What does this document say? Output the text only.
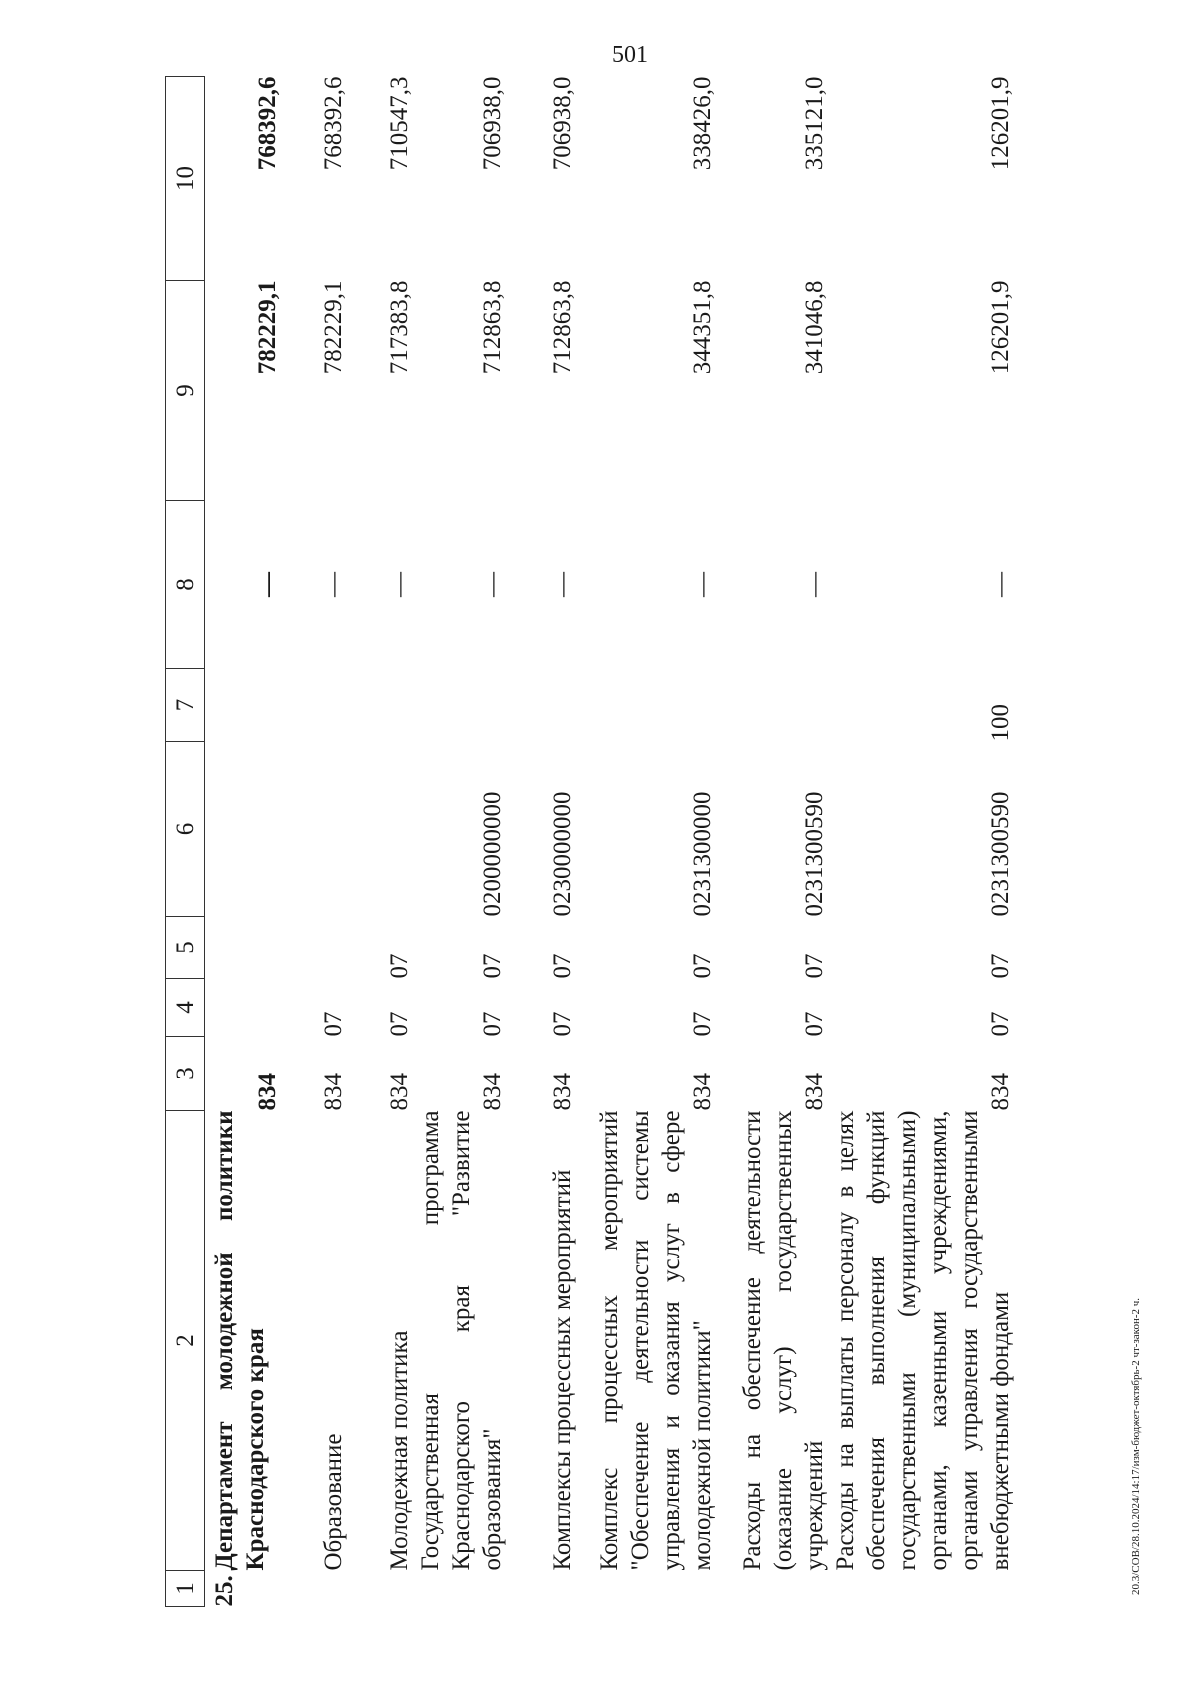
501
1	2	3	4	5	6	7	8	9	10
25.	Департамент молодежной политики Краснодарского края	834					—	782229,1	768392,6
	Образование	834	07				—	782229,1	768392,6
	Молодежная политика	834	07	07			—	717383,8	710547,3
	Государственная программа Краснодарского края "Развитие образования"	834	07	07	0200000000		—	712863,8	706938,0
	Комплексы процессных мероприятий	834	07	07	0230000000		—	712863,8	706938,0
	Комплекс процессных мероприятий "Обеспечение деятельности системы управления и оказания услуг в сфере молодежной политики"	834	07	07	0231300000		—	344351,8	338426,0
	Расходы на обеспечение деятельности (оказание услуг) государственных учреждений	834	07	07	0231300590		—	341046,8	335121,0
	Расходы на выплаты персоналу в целях обеспечения выполнения функций государственными (муниципальными) органами, казенными учреждениями, органами управления государственными внебюджетными фондами	834	07	07	0231300590	100	—	126201,9	126201,9
20.3/СОВ/28.10.2024/14:17/изм-бюджет-октябрь-2 чт-закон-2 ч.
